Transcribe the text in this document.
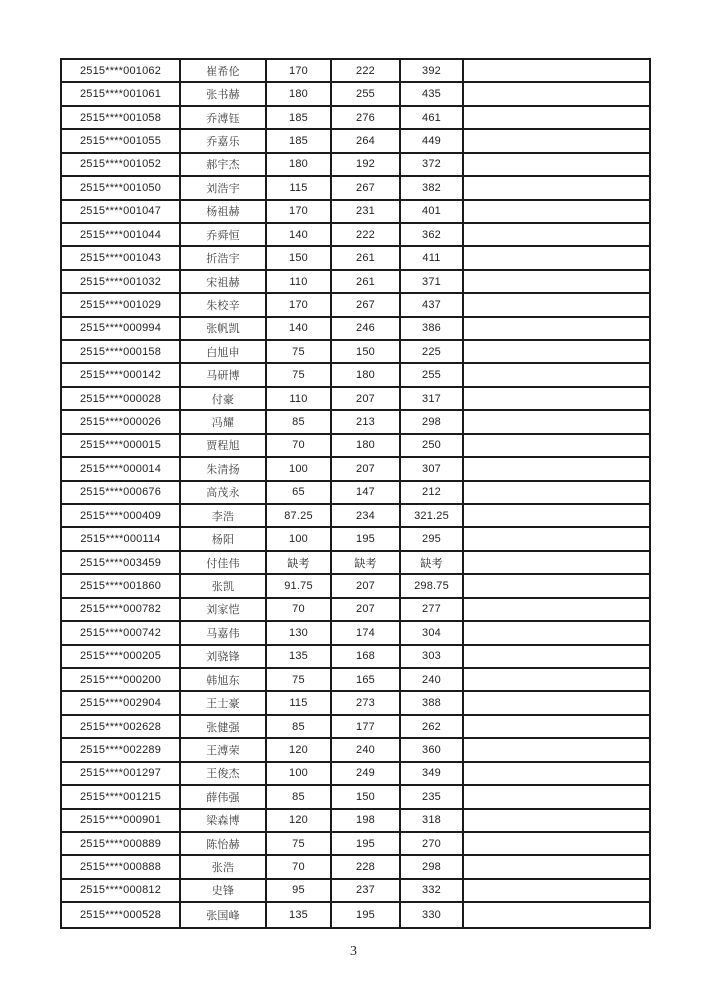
2515****001062	崔希伦	170	222	392
2515****001061	张书赫	180	255	435
2515****001058	乔溥钰	185	276	461
2515****001055	乔嘉乐	185	264	449
2515****001052	郝宇杰	180	192	372
2515****001050	刘浩宇	115	267	382
2515****001047	杨祖赫	170	231	401
2515****001044	乔舜恒	140	222	362
2515****001043	折浩宇	150	261	411
2515****001032	宋祖赫	110	261	371
2515****001029	朱校辛	170	267	437
2515****000994	张帆凯	140	246	386
2515****000158	白旭申	75	150	225
2515****000142	马研博	75	180	255
2515****000028	付豪	110	207	317
2515****000026	冯耀	85	213	298
2515****000015	贾程旭	70	180	250
2515****000014	朱清扬	100	207	307
2515****000676	高茂永	65	147	212
2515****000409	李浩	87.25	234	321.25
2515****000114	杨阳	100	195	295
2515****003459	付佳伟	缺考	缺考	缺考
2515****001860	张凯	91.75	207	298.75
2515****000782	刘家恺	70	207	277
2515****000742	马嘉伟	130	174	304
2515****000205	刘骁锋	135	168	303
2515****000200	韩旭东	75	165	240
2515****002904	王士豪	115	273	388
2515****002628	张健强	85	177	262
2515****002289	王溥荣	120	240	360
2515****001297	王俊杰	100	249	349
2515****001215	薛伟强	85	150	235
2515****000901	梁森博	120	198	318
2515****000889	陈怡赫	75	195	270
2515****000888	张浩	70	228	298
2515****000812	史锋	95	237	332
2515****000528	张国峰	135	195	330
3
